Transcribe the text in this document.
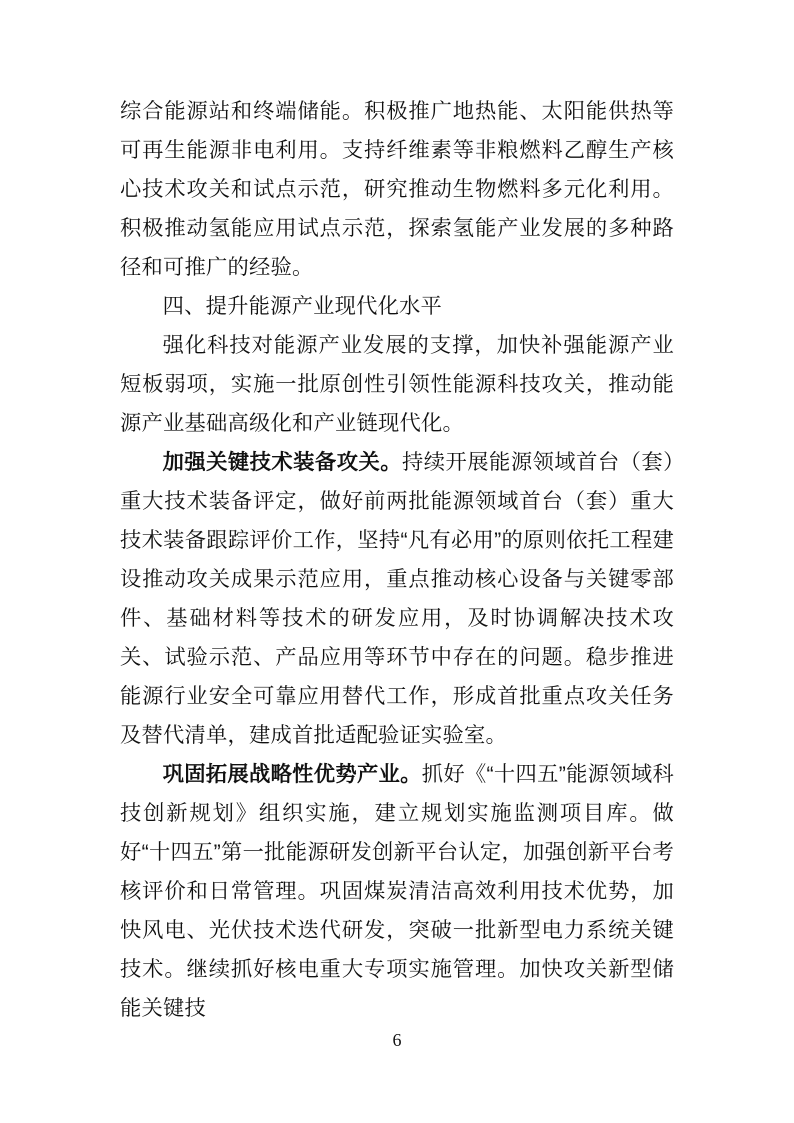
综合能源站和终端储能。积极推广地热能、太阳能供热等可再生能源非电利用。支持纤维素等非粮燃料乙醇生产核心技术攻关和试点示范，研究推动生物燃料多元化利用。积极推动氢能应用试点示范，探索氢能产业发展的多种路径和可推广的经验。

四、提升能源产业现代化水平

强化科技对能源产业发展的支撑，加快补强能源产业短板弱项，实施一批原创性引领性能源科技攻关，推动能源产业基础高级化和产业链现代化。

加强关键技术装备攻关。持续开展能源领域首台（套）重大技术装备评定，做好前两批能源领域首台（套）重大技术装备跟踪评价工作，坚持“凡有必用”的原则依托工程建设推动攻关成果示范应用，重点推动核心设备与关键零部件、基础材料等技术的研发应用，及时协调解决技术攻关、试验示范、产品应用等环节中存在的问题。稳步推进能源行业安全可靠应用替代工作，形成首批重点攻关任务及替代清单，建成首批适配验证实验室。

巩固拓展战略性优势产业。抓好《“十四五”能源领域科技创新规划》组织实施，建立规划实施监测项目库。做好“十四五”第一批能源研发创新平台认定，加强创新平台考核评价和日常管理。巩固煤炭清洁高效利用技术优势，加快风电、光伏技术迭代研发，突破一批新型电力系统关键技术。继续抓好核电重大专项实施管理。加快攻关新型储能关键技

6
